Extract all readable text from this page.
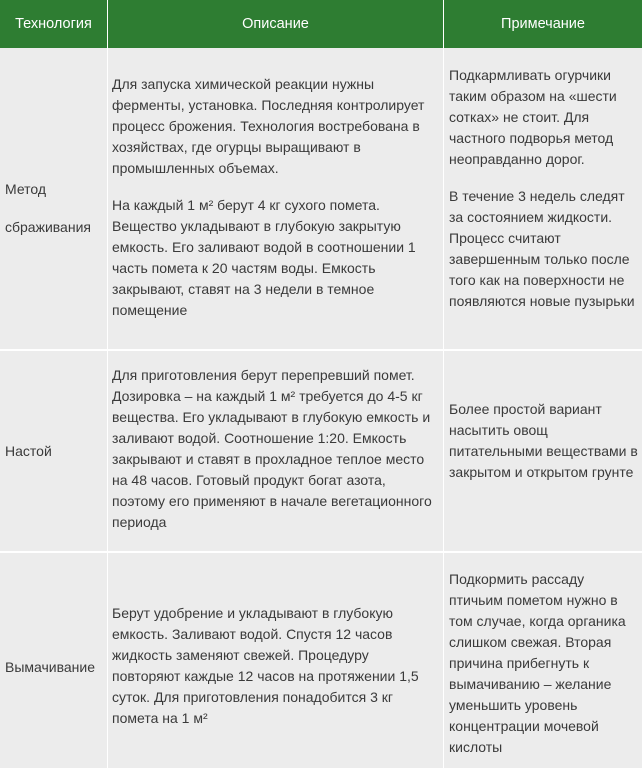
Технология	Описание	Примечание
Метод
сбраживания

Для запуска химической реакции нужны ферменты, установка. Последняя контролирует процесс брожения. Технология востребована в хозяйствах, где огурцы выращивают в промышленных объемах.

На каждый 1 м² берут 4 кг сухого помета. Вещество укладывают в глубокую закрытую емкость. Его заливают водой в соотношении 1 часть помета к 20 частям воды. Емкость закрывают, ставят на 3 недели в темное помещение

Подкармливать огурчики таким образом на «шести сотках» не стоит. Для частного подворья метод неоправданно дорог.

В течение 3 недель следят за состоянием жидкости. Процесс считают завершенным только после того как на поверхности не появляются новые пузырьки

Настой
Для приготовления берут перепревший помет. Дозировка – на каждый 1 м² требуется до 4-5 кг вещества. Его укладывают в глубокую емкость и заливают водой. Соотношение 1:20. Емкость закрывают и ставят в прохладное теплое место на 48 часов. Готовый продукт богат азота, поэтому его применяют в начале вегетационного периода
Более простой вариант насытить овощ питательными веществами в закрытом и открытом грунте
Вымачивание
Берут удобрение и укладывают в глубокую емкость. Заливают водой. Спустя 12 часов жидкость заменяют свежей. Процедуру повторяют каждые 12 часов на протяжении 1,5 суток. Для приготовления понадобится 3 кг помета на 1 м²
Подкормить рассаду птичьим пометом нужно в том случае, когда органика слишком свежая. Вторая причина прибегнуть к вымачиванию – желание уменьшить уровень концентрации мочевой кислоты
